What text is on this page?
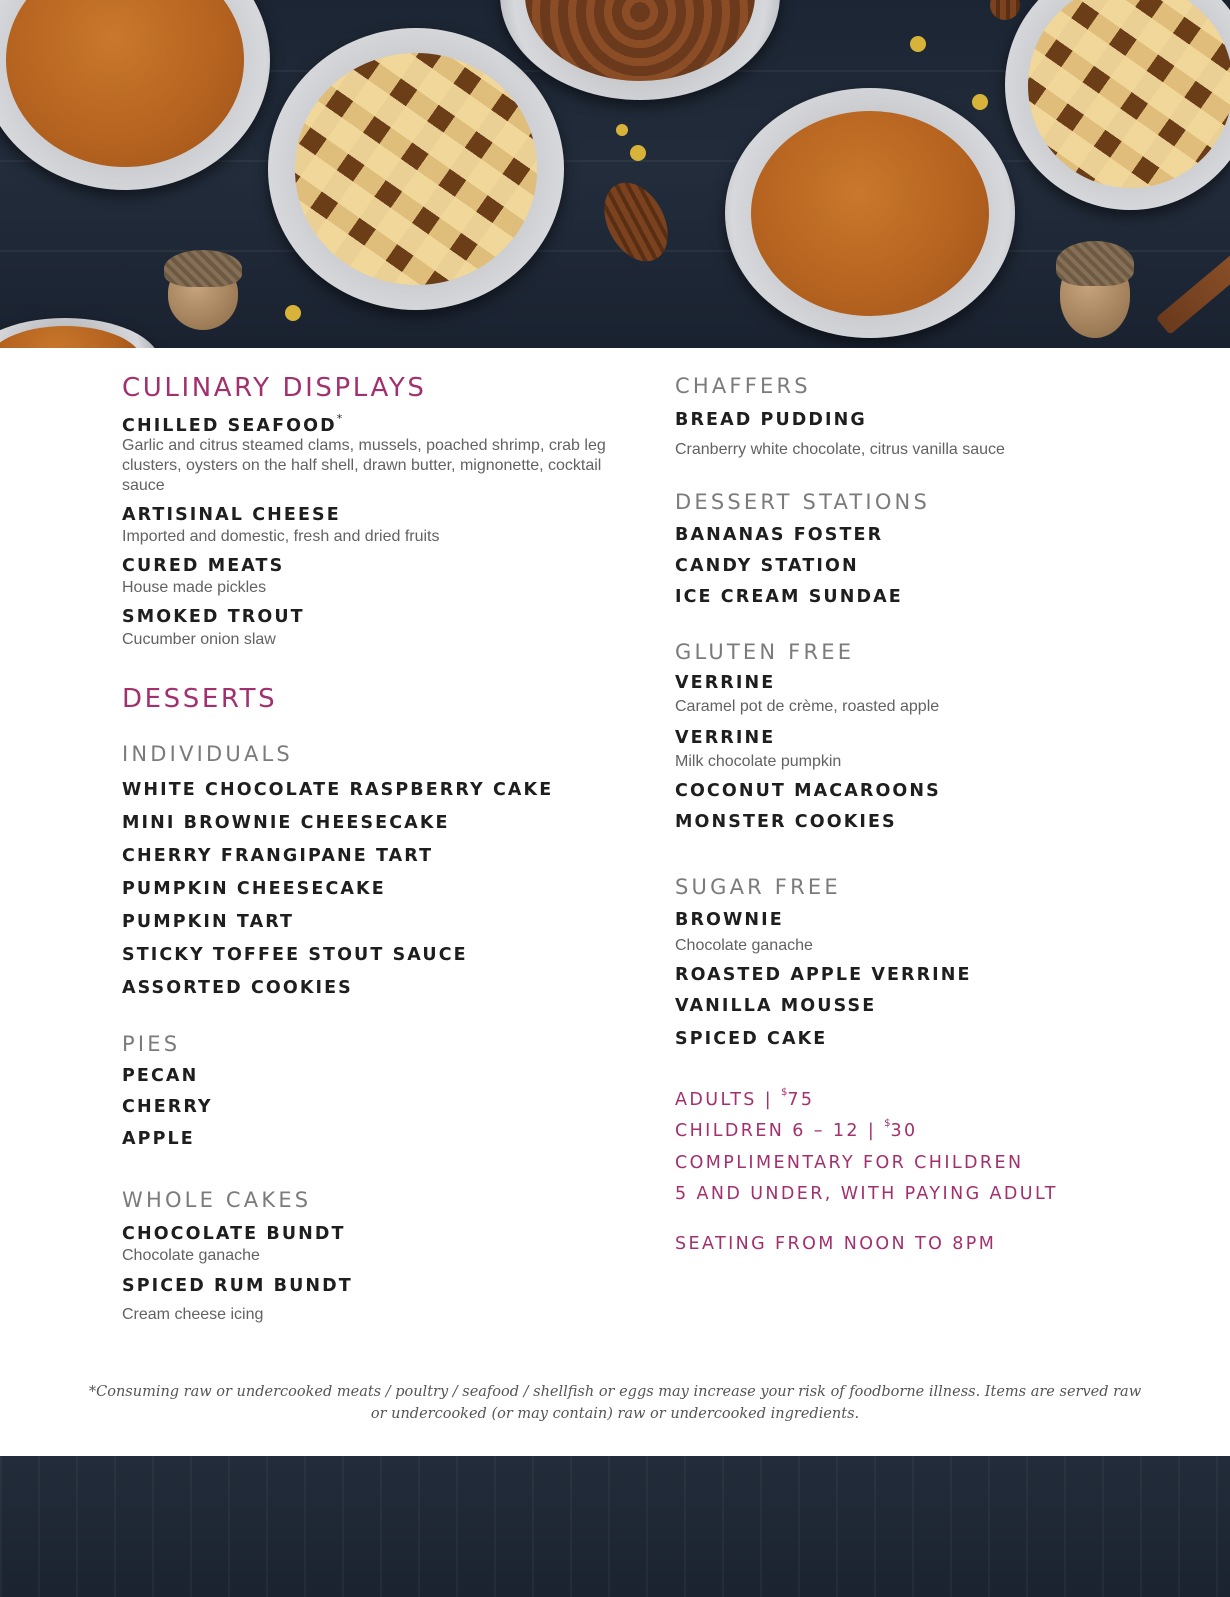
CULINARY DISPLAYS
CHILLED SEAFOOD*
Garlic and citrus steamed clams, mussels, poached shrimp, crab leg clusters, oysters on the half shell, drawn butter, mignonette, cocktail sauce
ARTISINAL CHEESE
Imported and domestic, fresh and dried fruits
CURED MEATS
House made pickles
SMOKED TROUT
Cucumber onion slaw
DESSERTS
INDIVIDUALS
WHITE CHOCOLATE RASPBERRY CAKE
MINI BROWNIE CHEESECAKE
CHERRY FRANGIPANE TART
PUMPKIN CHEESECAKE
PUMPKIN TART
STICKY TOFFEE STOUT SAUCE
ASSORTED COOKIES
PIES
PECAN
CHERRY
APPLE
WHOLE CAKES
CHOCOLATE BUNDT
Chocolate ganache
SPICED RUM BUNDT
Cream cheese icing
CHAFFERS
BREAD PUDDING
Cranberry white chocolate, citrus vanilla sauce
DESSERT STATIONS
BANANAS FOSTER
CANDY STATION
ICE CREAM SUNDAE
GLUTEN FREE
VERRINE
Caramel pot de crème, roasted apple
VERRINE
Milk chocolate pumpkin
COCONUT MACAROONS
MONSTER COOKIES
SUGAR FREE
BROWNIE
Chocolate ganache
ROASTED APPLE VERRINE
VANILLA MOUSSE
SPICED CAKE
ADULTS | $75
CHILDREN 6 – 12 | $30
COMPLIMENTARY FOR CHILDREN
5 AND UNDER, WITH PAYING ADULT
SEATING FROM NOON TO 8PM
*Consuming raw or undercooked meats / poultry / seafood / shellfish or eggs may increase your risk of foodborne illness. Items are served raw or undercooked (or may contain) raw or undercooked ingredients.
